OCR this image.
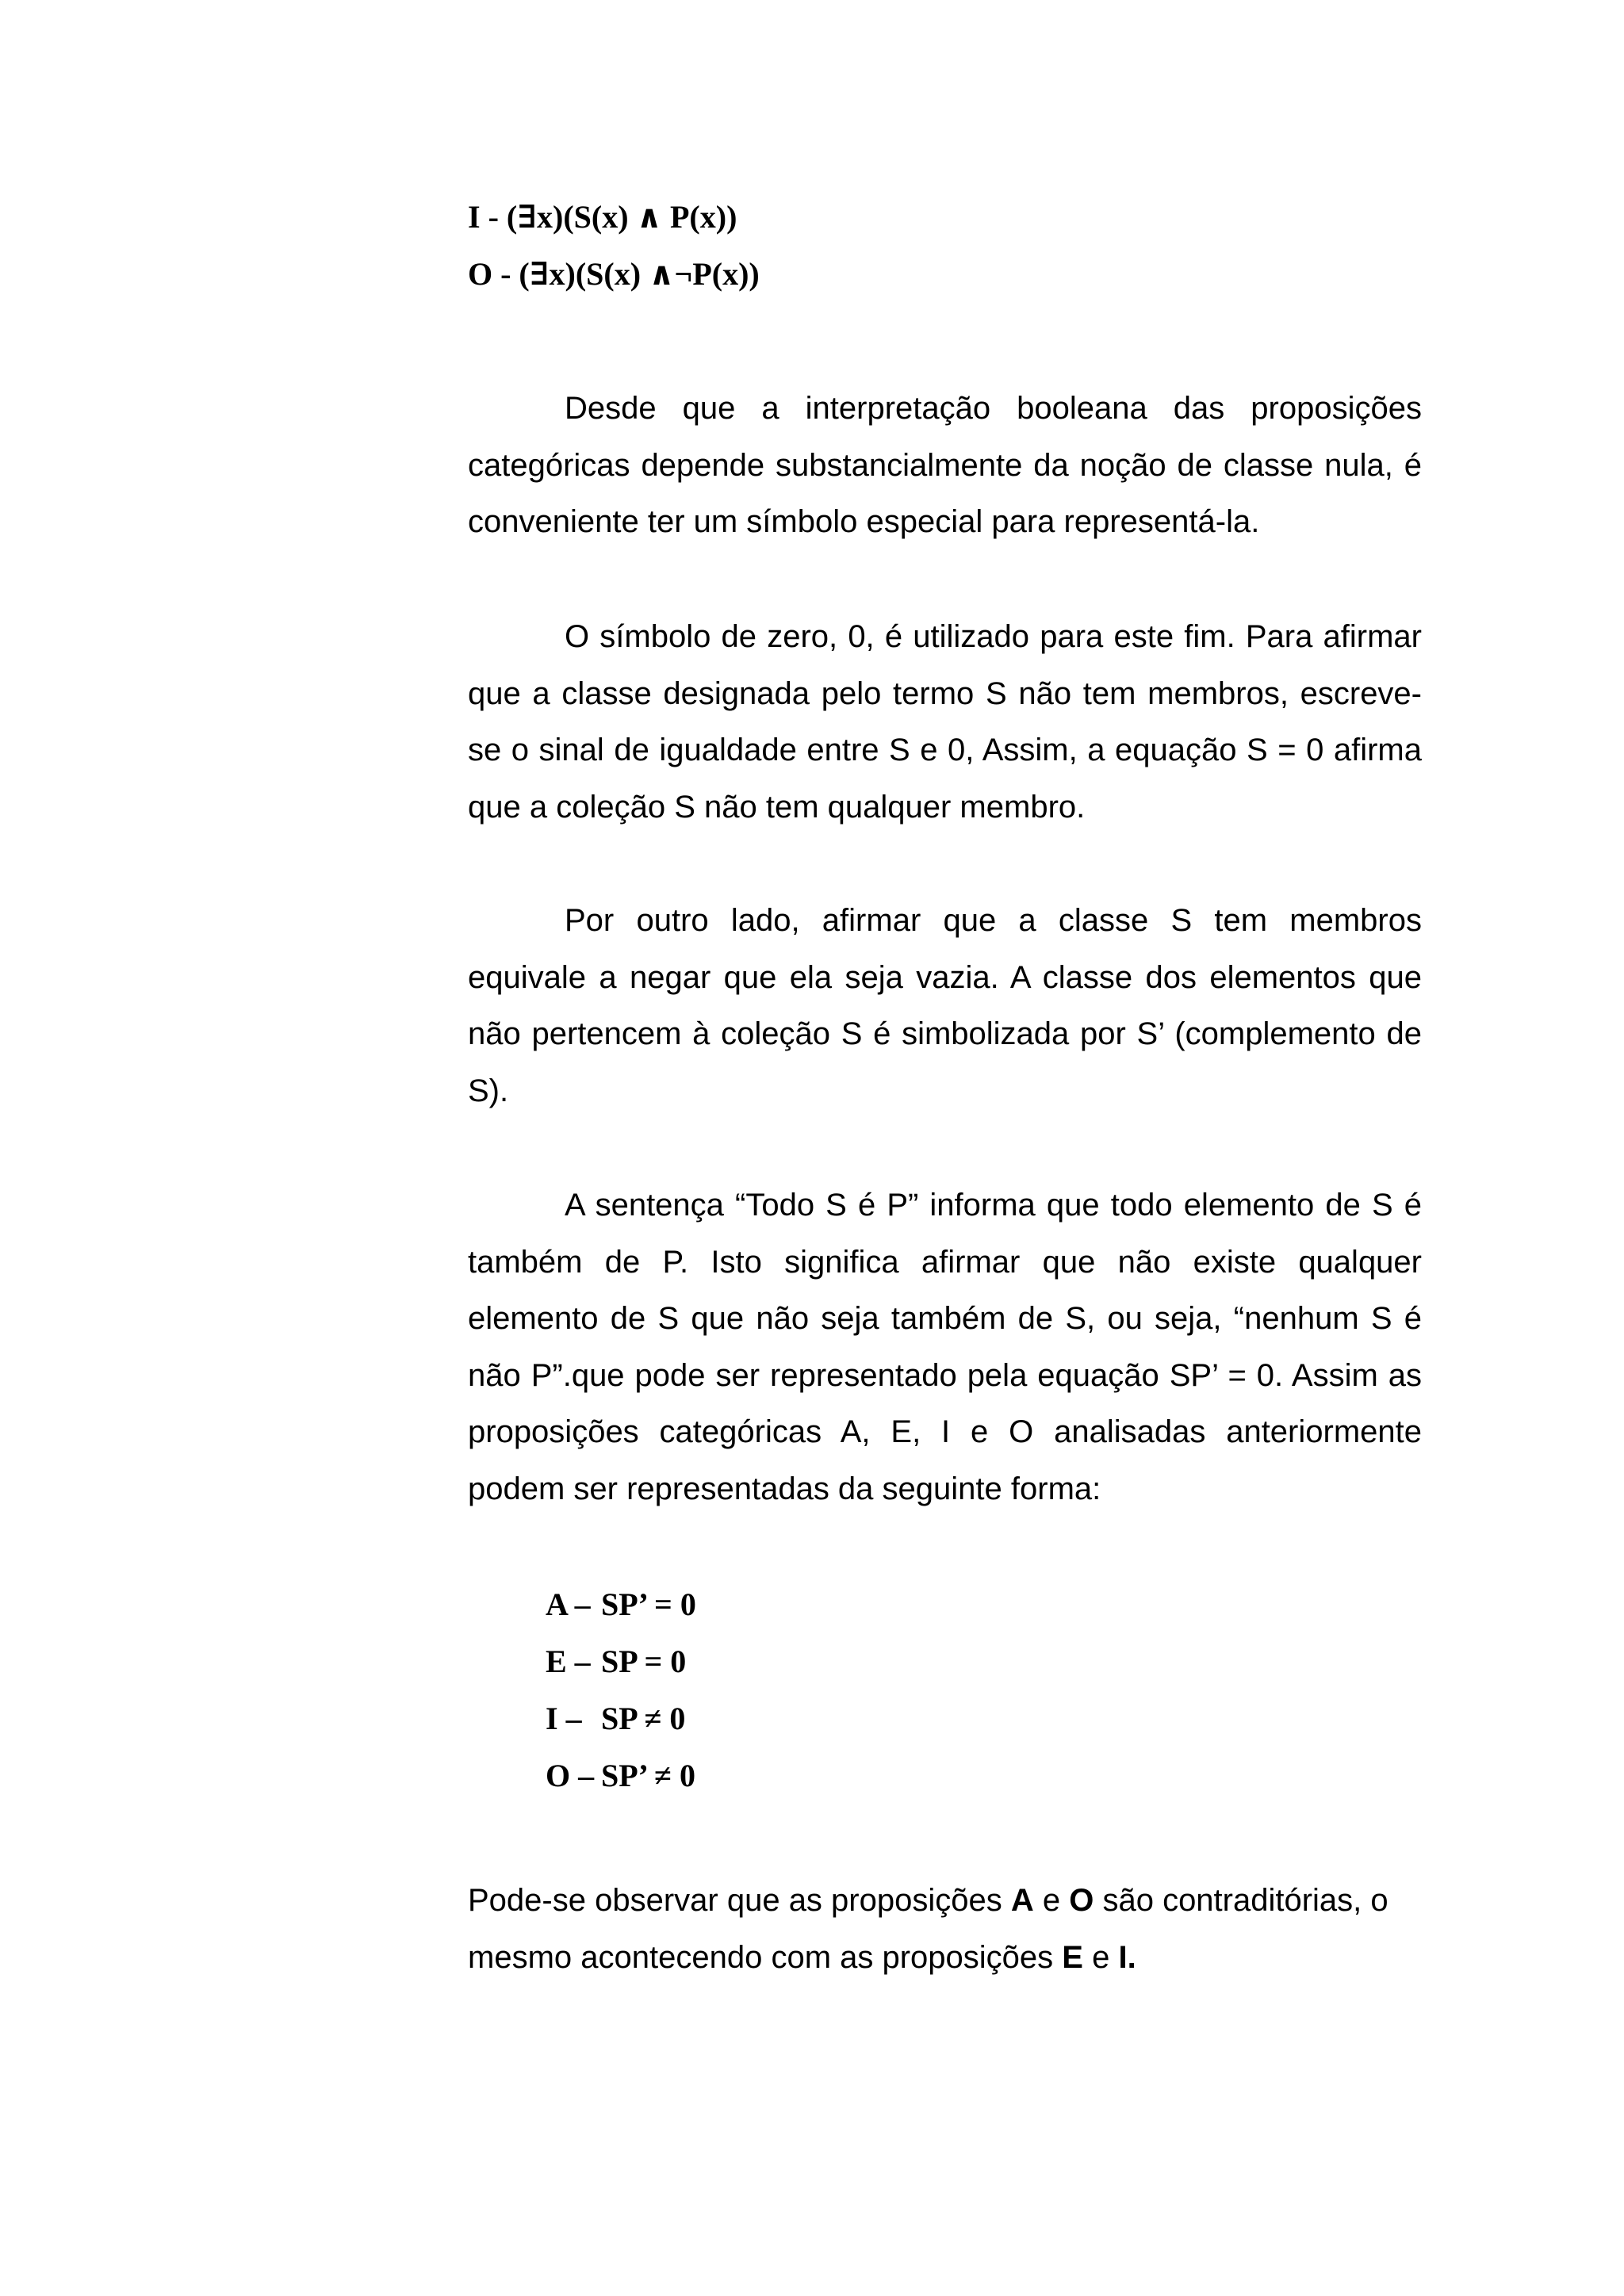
I - (∃x)(S(x) ∧ P(x))

O - (∃x)(S(x) ∧¬P(x))

Desde que a interpretação booleana das proposições categóricas depende substancialmente da noção de classe nula, é conveniente ter um símbolo especial para representá-la.

O símbolo de zero, 0, é utilizado para este fim. Para afirmar que a classe designada pelo termo S não tem membros, escreve-se o sinal de igualdade entre S e 0, Assim, a equação S = 0 afirma que a coleção S não tem qualquer membro.

Por outro lado, afirmar que a classe S tem membros equivale a negar que ela seja vazia. A classe dos elementos que não pertencem à coleção S é simbolizada por S’ (complemento de S).

A sentença “Todo S é P” informa que todo elemento de S é também de P. Isto significa afirmar que não existe qualquer elemento de S que não seja também de S, ou seja, “nenhum S é não P”.que pode ser representado pela equação SP’ = 0. Assim as proposições categóricas A, E, I e O analisadas anteriormente podem ser representadas da seguinte forma:

A – SP’ = 0
E – SP = 0
I – SP ≠ 0
O – SP’ ≠ 0

Pode-se observar que as proposições A e O são contraditórias, o mesmo acontecendo com as proposições E e I.
